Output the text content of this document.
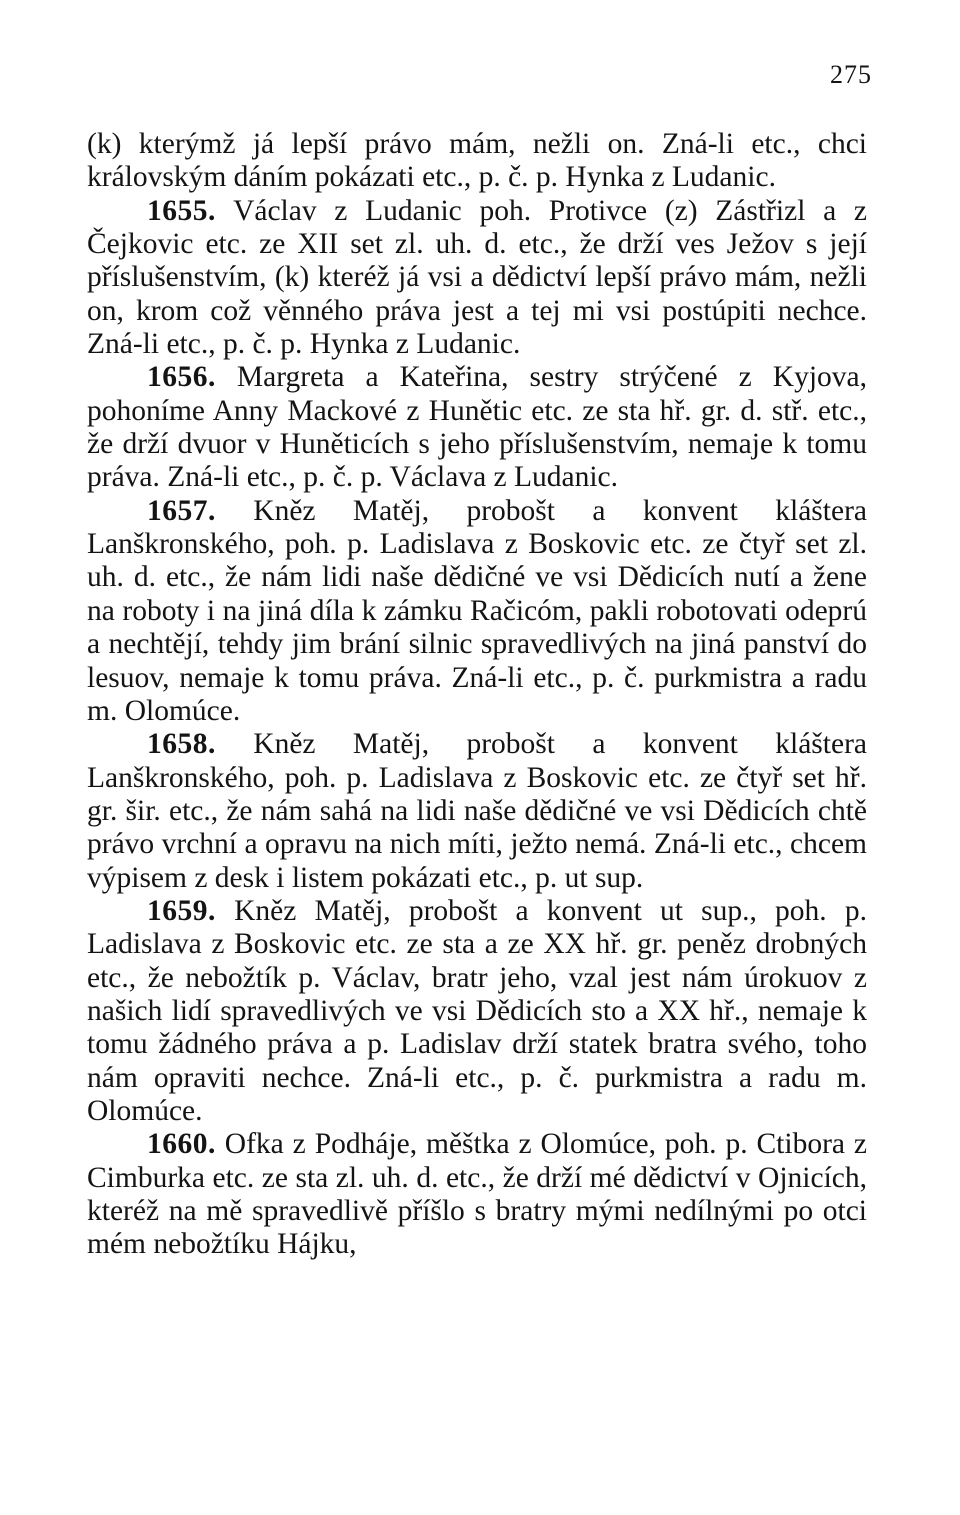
275

(k) kterýmž já lepší právo mám, nežli on. Zná-li etc., chci královským dáním pokázati etc., p. č. p. Hynka z Ludanic.

1655. Václav z Ludanic poh. Protivce (z) Zástřizl a z Čejkovic etc. ze XII set zl. uh. d. etc., že drží ves Ježov s její příslušenstvím, (k) kteréž já vsi a dědictví lepší právo mám, nežli on, krom což věnného práva jest a tej mi vsi postúpiti nechce. Zná-li etc., p. č. p. Hynka z Ludanic.

1656. Margreta a Kateřina, sestry strýčené z Kyjova, pohoníme Anny Mackové z Hunětic etc. ze sta hř. gr. d. stř. etc., že drží dvuor v Huněticích s jeho příslušenstvím, nemaje k tomu práva. Zná-li etc., p. č. p. Václava z Ludanic.

1657. Kněz Matěj, probošt a konvent kláštera Lanškronského, poh. p. Ladislava z Boskovic etc. ze čtyř set zl. uh. d. etc., že nám lidi naše dědičné ve vsi Dědicích nutí a žene na roboty i na jiná díla k zámku Račicóm, pakli robotovati odeprú a nechtějí, tehdy jim brání silnic spravedlivých na jiná panství do lesuov, nemaje k tomu práva. Zná-li etc., p. č. purkmistra a radu m. Olomúce.

1658. Kněz Matěj, probošt a konvent kláštera Lanškronského, poh. p. Ladislava z Boskovic etc. ze čtyř set hř. gr. šir. etc., že nám sahá na lidi naše dědičné ve vsi Dědicích chtě právo vrchní a opravu na nich míti, ježto nemá. Zná-li etc., chcem výpisem z desk i listem pokázati etc., p. ut sup.

1659. Kněz Matěj, probošt a konvent ut sup., poh. p. Ladislava z Boskovic etc. ze sta a ze XX hř. gr. peněz drobných etc., že nebožtík p. Václav, bratr jeho, vzal jest nám úrokuov z našich lidí spravedlivých ve vsi Dědicích sto a XX hř., nemaje k tomu žádného práva a p. Ladislav drží statek bratra svého, toho nám opraviti nechce. Zná-li etc., p. č. purkmistra a radu m. Olomúce.

1660. Ofka z Podháje, měštka z Olomúce, poh. p. Ctibora z Cimburka etc. ze sta zl. uh. d. etc., že drží mé dědictví v Ojnicích, kteréž na mě spravedlivě příšlo s bratry mými nedílnými po otci mém nebožtíku Hájku,
